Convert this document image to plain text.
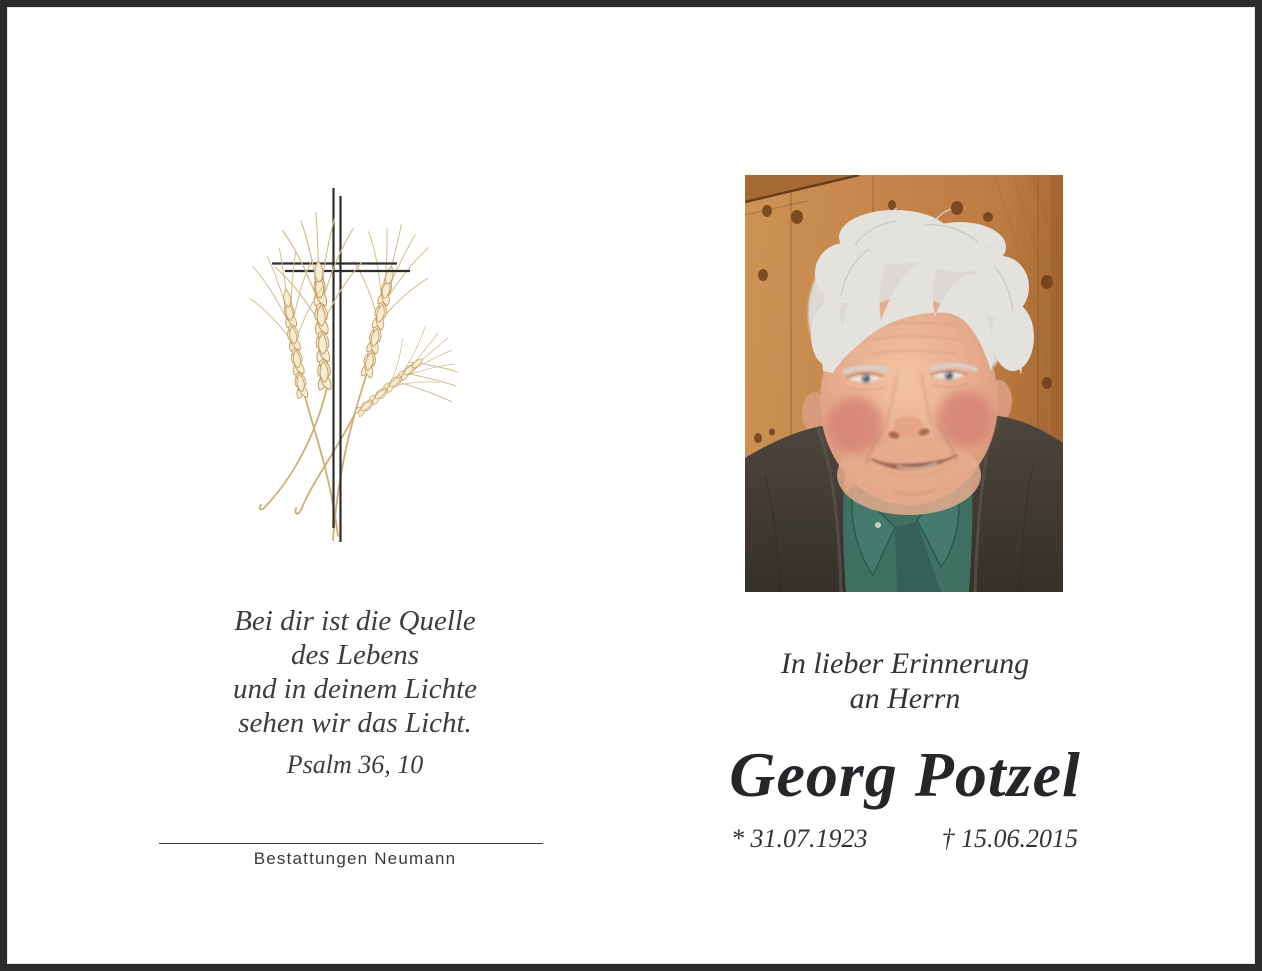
Bei dir ist die Quelle
des Lebens
und in deinem Lichte
sehen wir das Licht.
Psalm 36, 10
Bestattungen Neumann
In lieber Erinnerung
an Herrn
Georg Potzel
* 31.07.1923	† 15.06.2015
